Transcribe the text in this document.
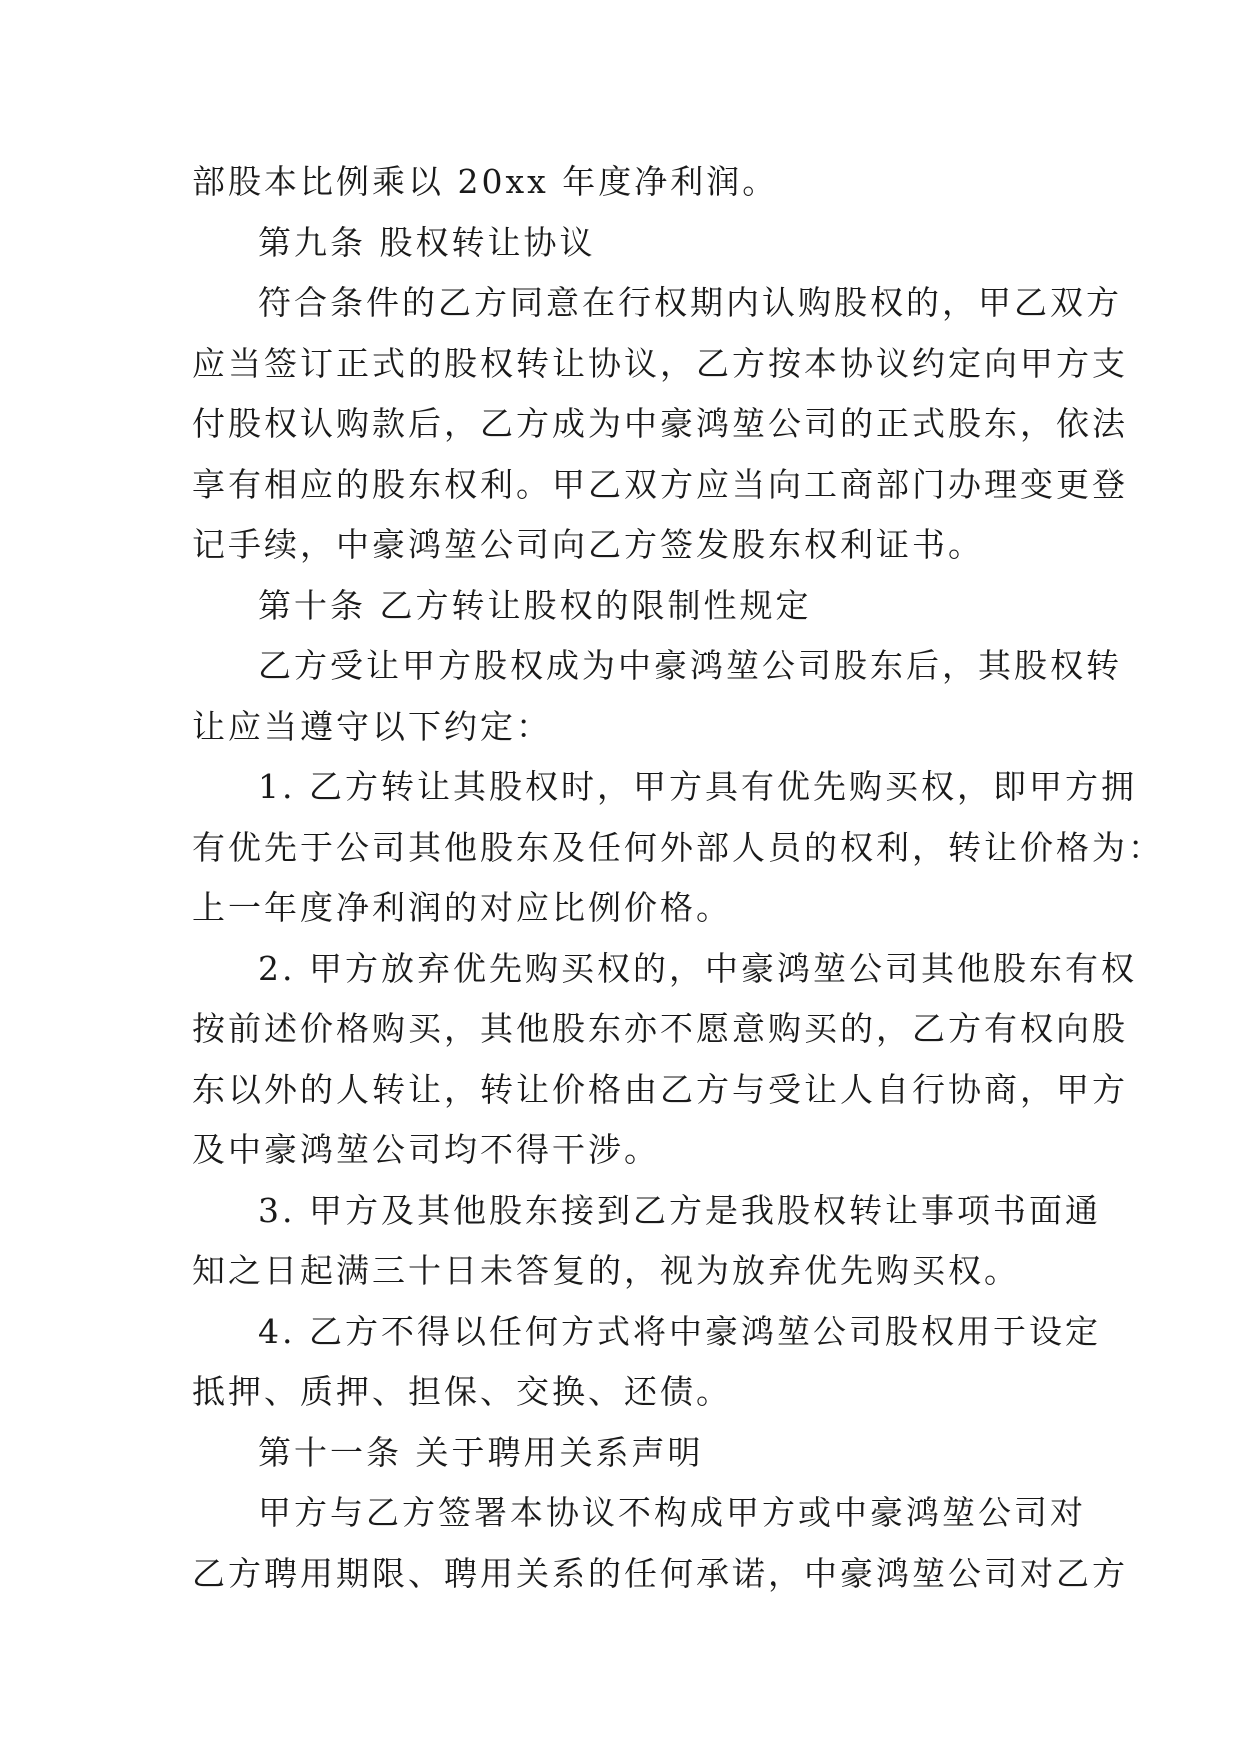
部股本比例乘以 20xx 年度净利润。
第九条 股权转让协议
符合条件的乙方同意在行权期内认购股权的，甲乙双方
应当签订正式的股权转让协议，乙方按本协议约定向甲方支
付股权认购款后，乙方成为中豪鸿堃公司的正式股东，依法
享有相应的股东权利。甲乙双方应当向工商部门办理变更登
记手续，中豪鸿堃公司向乙方签发股东权利证书。
第十条 乙方转让股权的限制性规定
乙方受让甲方股权成为中豪鸿堃公司股东后，其股权转
让应当遵守以下约定：
1. 乙方转让其股权时，甲方具有优先购买权，即甲方拥
有优先于公司其他股东及任何外部人员的权利，转让价格为：
上一年度净利润的对应比例价格。
2. 甲方放弃优先购买权的，中豪鸿堃公司其他股东有权
按前述价格购买，其他股东亦不愿意购买的，乙方有权向股
东以外的人转让，转让价格由乙方与受让人自行协商，甲方
及中豪鸿堃公司均不得干涉。
3. 甲方及其他股东接到乙方是我股权转让事项书面通
知之日起满三十日未答复的，视为放弃优先购买权。
4. 乙方不得以任何方式将中豪鸿堃公司股权用于设定
抵押、质押、担保、交换、还债。
第十一条 关于聘用关系声明
甲方与乙方签署本协议不构成甲方或中豪鸿堃公司对
乙方聘用期限、聘用关系的任何承诺，中豪鸿堃公司对乙方
